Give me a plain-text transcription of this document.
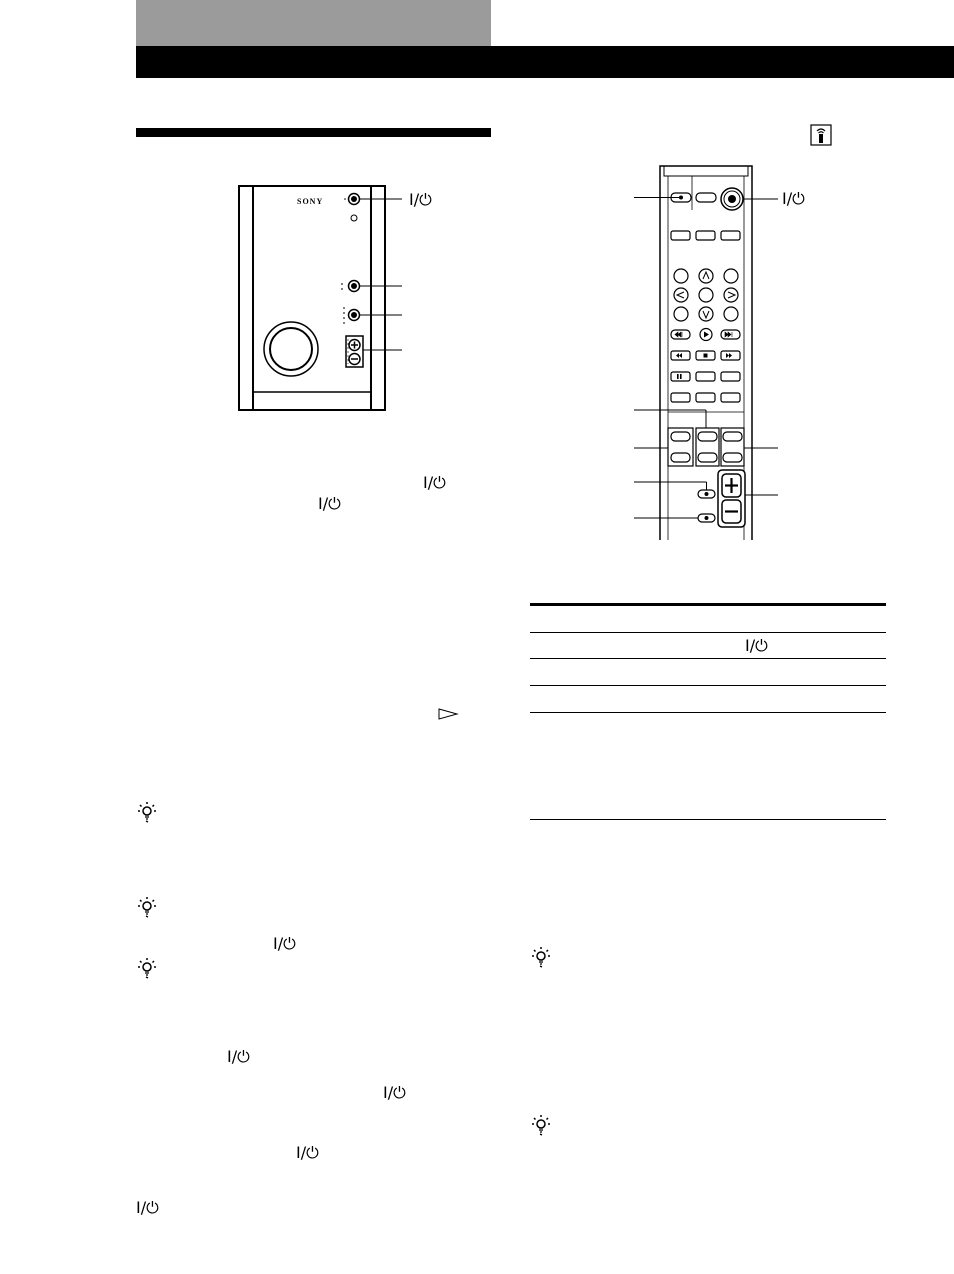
SONY	I/⏻
I/⏻
I/⏻
I/⏻
I/⏻
I/⏻
I/⏻
I/⏻
I/⏻
I/⏻
